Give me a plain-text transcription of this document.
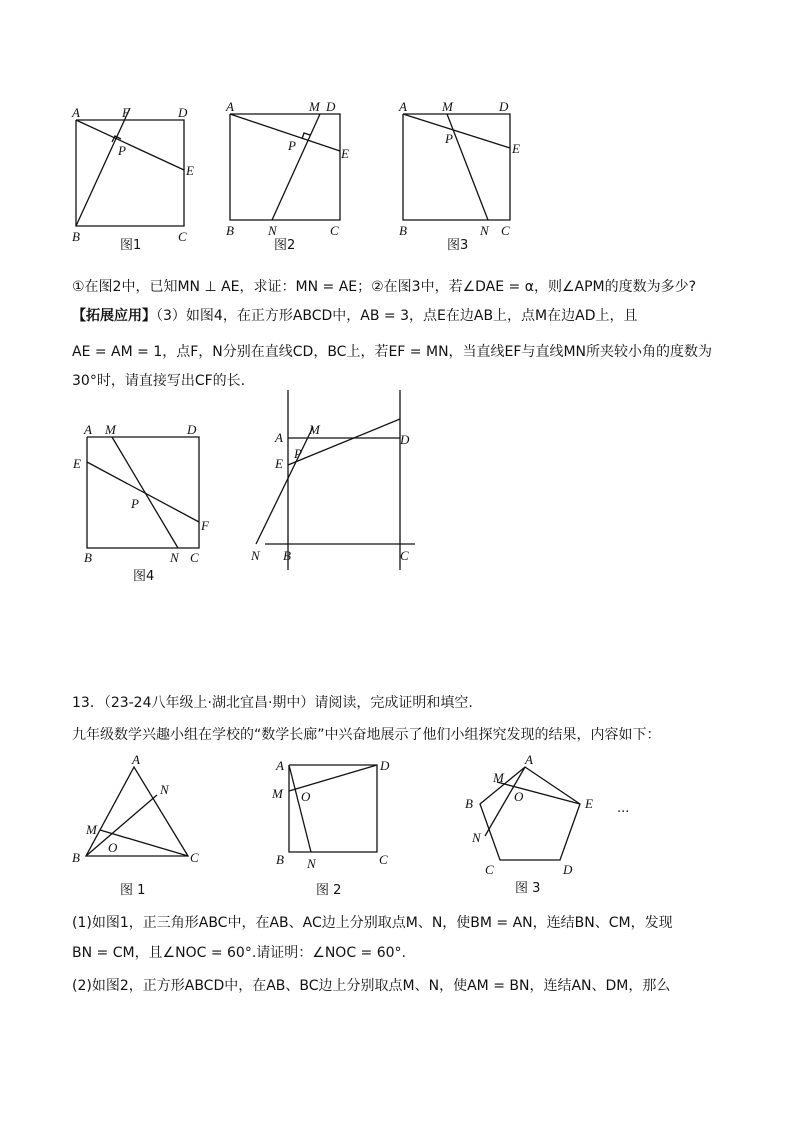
A	F	D
P
E
B	C
图1
A	M D
P
E
B	N	C
图2
A	M	D
P
E
B	N C
图3
①在图2中，已知MN ⊥ AE，求证：MN = AE；②在图3中，若∠DAE = α，则∠APM的度数为多少?
【拓展应用】（3）如图4，在正方形ABCD中，AB = 3，点E在边AB上，点M在边AD上，且
AE = AM = 1，点F，N分别在直线CD，BC上，若EF = MN，当直线EF与直线MN所夹较小角的度数为
30°时，请直接写出CF的长.
A M	D
E
P
F
B	N C
图4
A
M
D
E
P
N B	C
13．（23-24八年级上·湖北宜昌·期中）请阅读，完成证明和填空.
九年级数学兴趣小组在学校的“数学长廊”中兴奋地展示了他们小组探究发现的结果，内容如下：
A
N
M
O
B	C
图 1
A	D
M O
B N	C
图 2
A
M
B	O	E
N
C	D
...
图 3
(1)如图1，正三角形ABC中，在AB、AC边上分别取点M、N，使BM = AN，连结BN、CM，发现
BN = CM，且∠NOC = 60°.请证明：∠NOC = 60°.
(2)如图2，正方形ABCD中，在AB、BC边上分别取点M、N，使AM = BN，连结AN、DM，那么
